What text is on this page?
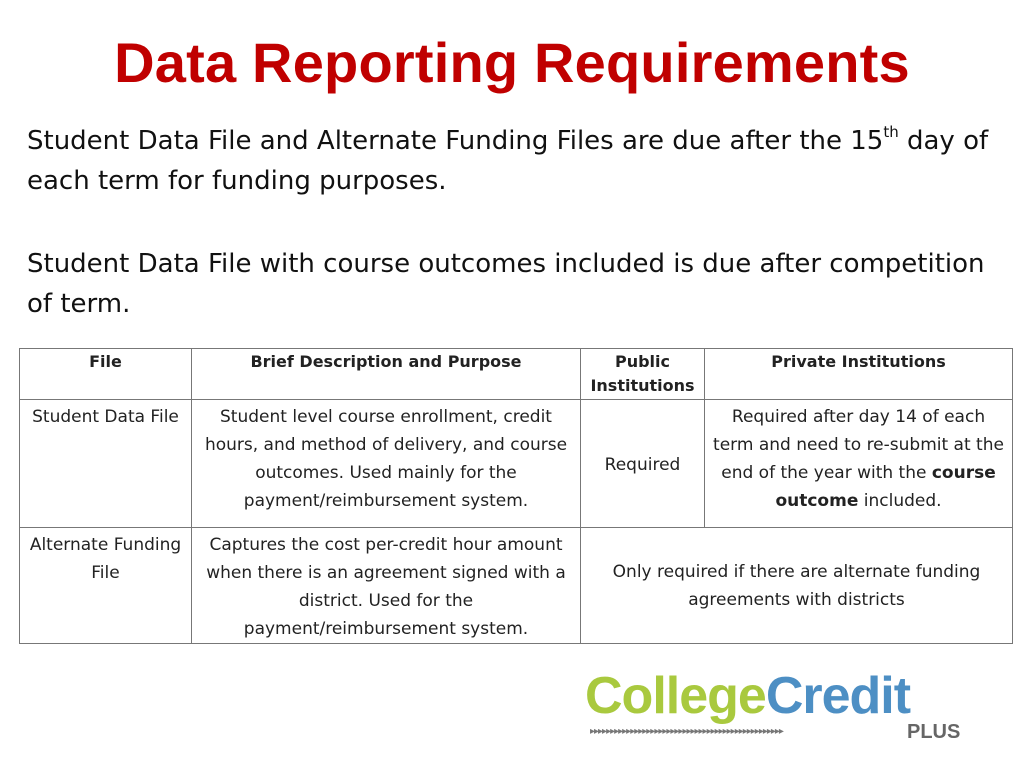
Data Reporting Requirements
Student Data File and Alternate Funding Files are due after the 15th day of each term for funding purposes.
Student Data File with course outcomes included is due after competition of term.
File	Brief Description and Purpose	Public Institutions	Private Institutions
Student Data File	Student level course enrollment, credit hours, and method of delivery, and course outcomes. Used mainly for the payment/reimbursement system.	Required	Required after day 14 of each term and need to re-submit at the end of the year with the course outcome included.
Alternate Funding File	Captures the cost per-credit hour amount when there is an agreement signed with a district. Used for the payment/reimbursement system.	Only required if there are alternate funding agreements with districts	
CollegeCredit
▸▸▸▸▸▸▸▸▸▸▸▸▸▸▸▸▸▸▸▸▸▸▸▸▸▸▸▸▸▸▸▸▸▸▸▸▸▸▸▸▸▸▸▸▸▸▸▸	PLUS
